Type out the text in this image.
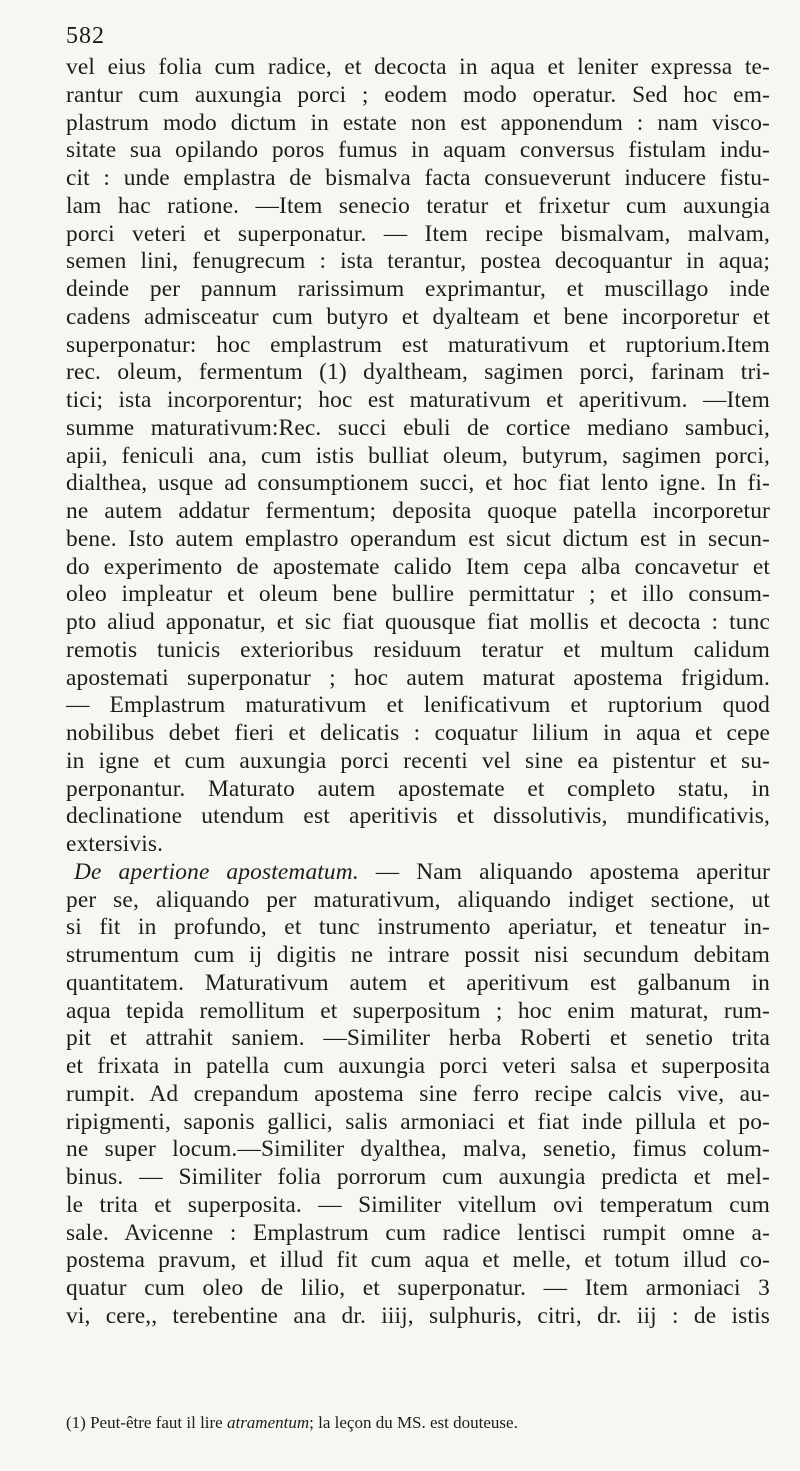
582
vel eius folia cum radice, et decocta in aqua et leniter expressa te-
rantur cum auxungia porci ; eodem modo operatur. Sed hoc em-
plastrum modo dictum in estate non est apponendum : nam visco-
sitate sua opilando poros fumus in aquam conversus fistulam indu-
cit : unde emplastra de bismalva facta consueverunt inducere fistu-
lam hac ratione. —Item senecio teratur et frixetur cum auxungia
porci veteri et superponatur. — Item recipe bismalvam, malvam,
semen lini, fenugrecum : ista terantur, postea decoquantur in aqua;
deinde per pannum rarissimum exprimantur, et muscillago inde
cadens admisceatur cum butyro et dyalteam et bene incorporetur et
superponatur: hoc emplastrum est maturativum et ruptorium.Item
rec. oleum, fermentum (1) dyaltheam, sagimen porci, farinam tri-
tici; ista incorporentur; hoc est maturativum et aperitivum. —Item
summe maturativum:Rec. succi ebuli de cortice mediano sambuci,
apii, feniculi ana, cum istis bulliat oleum, butyrum, sagimen porci,
dialthea, usque ad consumptionem succi, et hoc fiat lento igne. In fi-
ne autem addatur fermentum; deposita quoque patella incorporetur
bene. Isto autem emplastro operandum est sicut dictum est in secun-
do experimento de apostemate calido Item cepa alba concavetur et
oleo impleatur et oleum bene bullire permittatur ; et illo consum-
pto aliud apponatur, et sic fiat quousque fiat mollis et decocta : tunc
remotis tunicis exterioribus residuum teratur et multum calidum
apostemati superponatur ; hoc autem maturat apostema frigidum.
— Emplastrum maturativum et lenificativum et ruptorium quod
nobilibus debet fieri et delicatis : coquatur lilium in aqua et cepe
in igne et cum auxungia porci recenti vel sine ea pistentur et su-
perponantur. Maturato autem apostemate et completo statu, in
declinatione utendum est aperitivis et dissolutivis, mundificativis,
extersivis.
De apertione apostematum. — Nam aliquando apostema aperitur
per se, aliquando per maturativum, aliquando indiget sectione, ut
si fit in profundo, et tunc instrumento aperiatur, et teneatur in-
strumentum cum ij digitis ne intrare possit nisi secundum debitam
quantitatem. Maturativum autem et aperitivum est galbanum in
aqua tepida remollitum et superpositum ; hoc enim maturat, rum-
pit et attrahit saniem. —Similiter herba Roberti et senetio trita
et frixata in patella cum auxungia porci veteri salsa et superposita
rumpit. Ad crepandum apostema sine ferro recipe calcis vive, au-
ripigmenti, saponis gallici, salis armoniaci et fiat inde pillula et po-
ne super locum.—Similiter dyalthea, malva, senetio, fimus colum-
binus. — Similiter folia porrorum cum auxungia predicta et mel-
le trita et superposita. — Similiter vitellum ovi temperatum cum
sale. Avicenne : Emplastrum cum radice lentisci rumpit omne a-
postema pravum, et illud fit cum aqua et melle, et totum illud co-
quatur cum oleo de lilio, et superponatur. — Item armoniaci 3
vi, cere,, terebentine ana dr. iiij, sulphuris, citri, dr. iij : de istis
(1) Peut-être faut il lire atramentum; la leçon du MS. est douteuse.
